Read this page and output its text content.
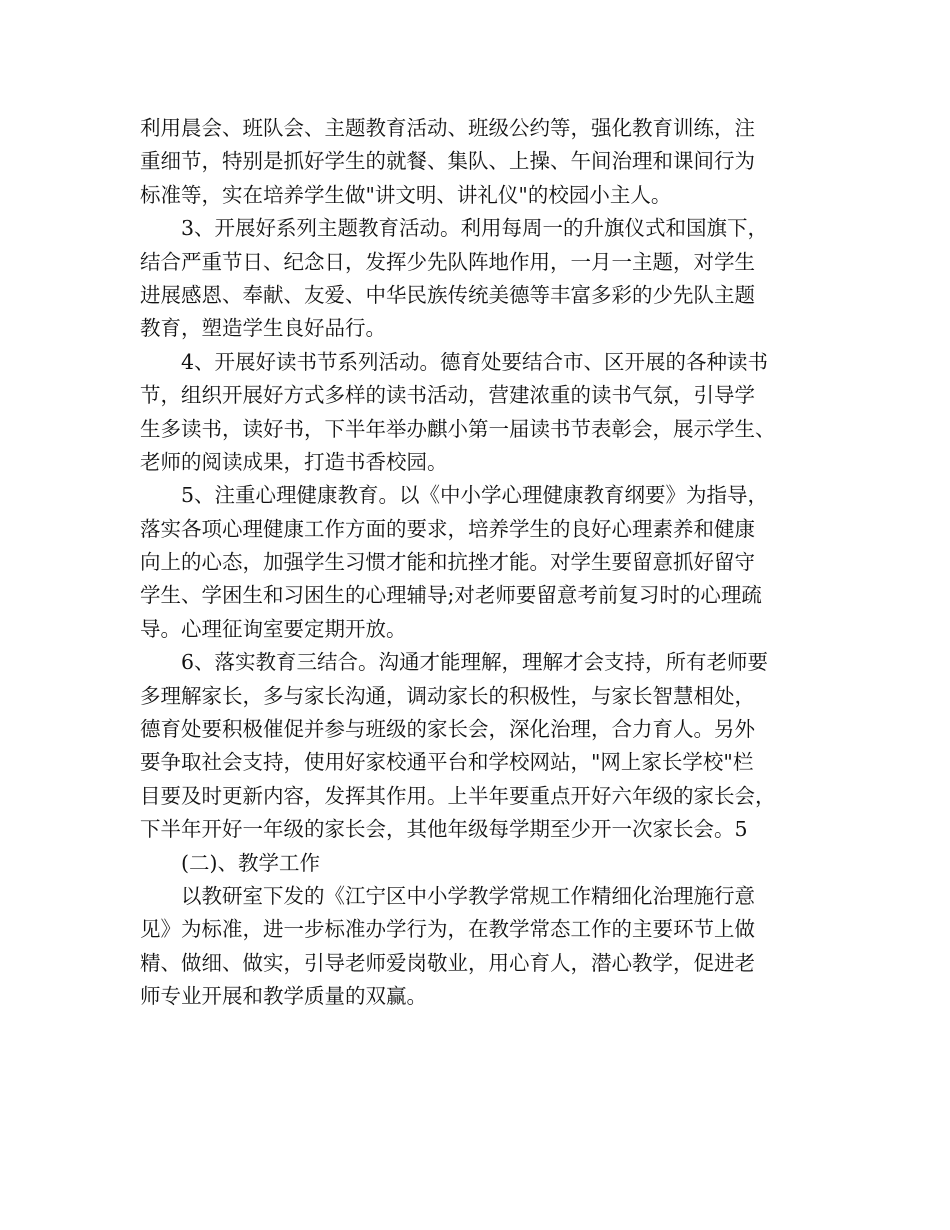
利用晨会、班队会、主题教育活动、班级公约等，强化教育训练，注

重细节，特别是抓好学生的就餐、集队、上操、午间治理和课间行为

标准等，实在培养学生做"讲文明、讲礼仪"的校园小主人。

3、开展好系列主题教育活动。利用每周一的升旗仪式和国旗下，

结合严重节日、纪念日，发挥少先队阵地作用，一月一主题，对学生

进展感恩、奉献、友爱、中华民族传统美德等丰富多彩的少先队主题

教育，塑造学生良好品行。

4、开展好读书节系列活动。德育处要结合市、区开展的各种读书

节，组织开展好方式多样的读书活动，营建浓重的读书气氛，引导学

生多读书，读好书，下半年举办麒小第一届读书节表彰会，展示学生、

老师的阅读成果，打造书香校园。

5、注重心理健康教育。以《中小学心理健康教育纲要》为指导，

落实各项心理健康工作方面的要求，培养学生的良好心理素养和健康

向上的心态，加强学生习惯才能和抗挫才能。对学生要留意抓好留守

学生、学困生和习困生的心理辅导;对老师要留意考前复习时的心理疏

导。心理征询室要定期开放。

6、落实教育三结合。沟通才能理解，理解才会支持，所有老师要

多理解家长，多与家长沟通，调动家长的积极性，与家长智慧相处，

德育处要积极催促并参与班级的家长会，深化治理，合力育人。另外

要争取社会支持，使用好家校通平台和学校网站，"网上家长学校"栏

目要及时更新内容，发挥其作用。上半年要重点开好六年级的家长会，

下半年开好一年级的家长会，其他年级每学期至少开一次家长会。5

(二)、教学工作

以教研室下发的《江宁区中小学教学常规工作精细化治理施行意

见》为标准，进一步标准办学行为，在教学常态工作的主要环节上做

精、做细、做实，引导老师爱岗敬业，用心育人，潜心教学，促进老

师专业开展和教学质量的双赢。
